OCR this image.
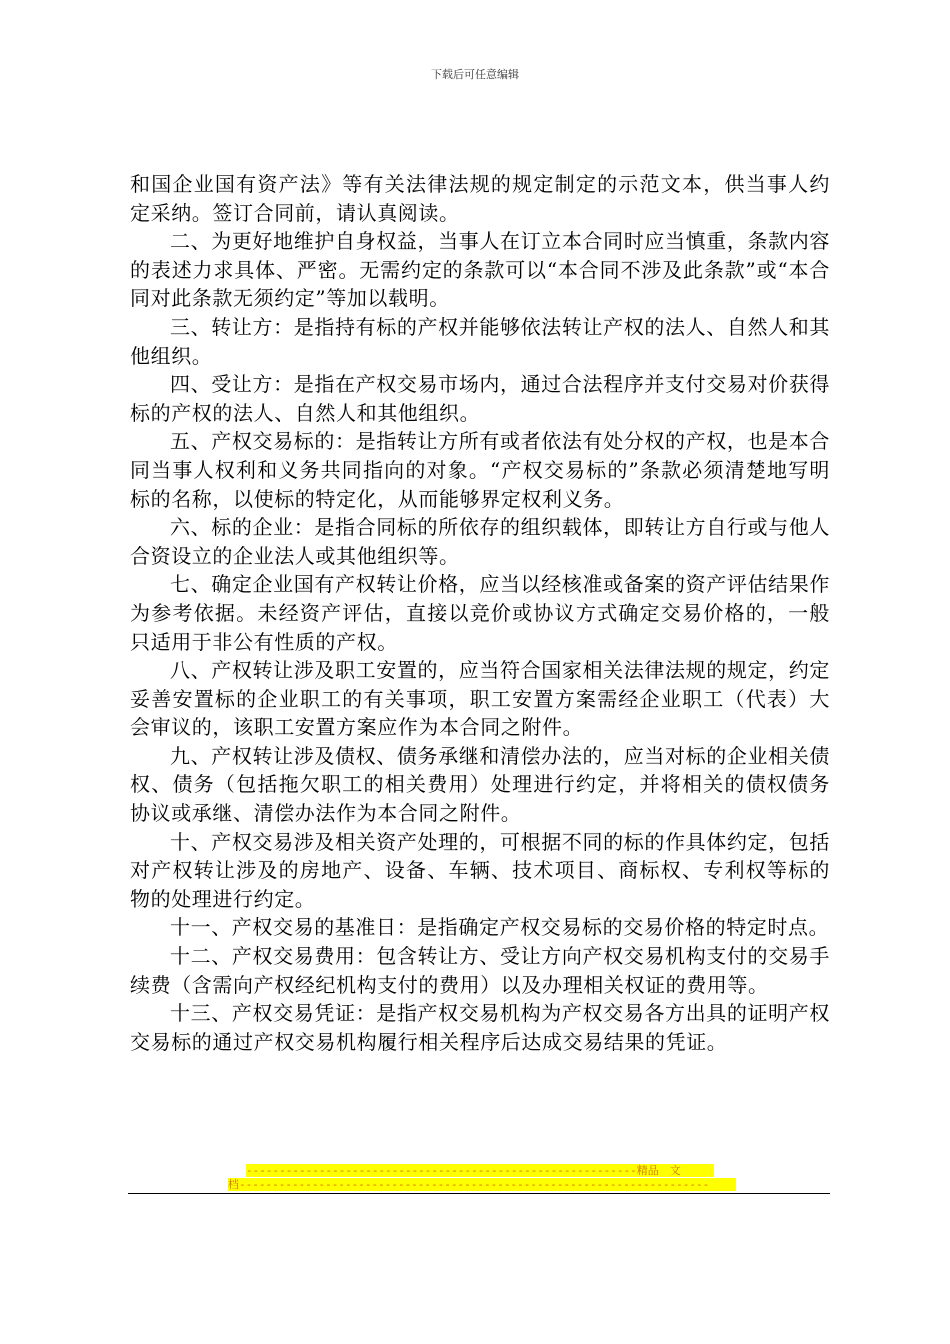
下载后可任意编辑

和国企业国有资产法》等有关法律法规的规定制定的示范文本，供当事人约定采纳。签订合同前，请认真阅读。

二、为更好地维护自身权益，当事人在订立本合同时应当慎重，条款内容的表述力求具体、严密。无需约定的条款可以“本合同不涉及此条款”或“本合同对此条款无须约定”等加以载明。

三、转让方：是指持有标的产权并能够依法转让产权的法人、自然人和其他组织。

四、受让方：是指在产权交易市场内，通过合法程序并支付交易对价获得标的产权的法人、自然人和其他组织。

五、产权交易标的：是指转让方所有或者依法有处分权的产权，也是本合同当事人权利和义务共同指向的对象。“产权交易标的”条款必须清楚地写明标的名称，以使标的特定化，从而能够界定权利义务。

六、标的企业：是指合同标的所依存的组织载体，即转让方自行或与他人合资设立的企业法人或其他组织等。

七、确定企业国有产权转让价格，应当以经核准或备案的资产评估结果作为参考依据。未经资产评估，直接以竞价或协议方式确定交易价格的，一般只适用于非公有性质的产权。

八、产权转让涉及职工安置的，应当符合国家相关法律法规的规定，约定妥善安置标的企业职工的有关事项，职工安置方案需经企业职工（代表）大会审议的，该职工安置方案应作为本合同之附件。

九、产权转让涉及债权、债务承继和清偿办法的，应当对标的企业相关债权、债务（包括拖欠职工的相关费用）处理进行约定，并将相关的债权债务协议或承继、清偿办法作为本合同之附件。

十、产权交易涉及相关资产处理的，可根据不同的标的作具体约定，包括对产权转让涉及的房地产、设备、车辆、技术项目、商标权、专利权等标的物的处理进行约定。

十一、产权交易的基准日：是指确定产权交易标的交易价格的特定时点。

十二、产权交易费用：包含转让方、受让方向产权交易机构支付的交易手续费（含需向产权经纪机构支付的费用）以及办理相关权证的费用等。

十三、产权交易凭证：是指产权交易机构为产权交易各方出具的证明产权交易标的通过产权交易机构履行相关程序后达成交易结果的凭证。

-----------------------------------------------------------精品　文
档-----------------------------------------------------------------------
